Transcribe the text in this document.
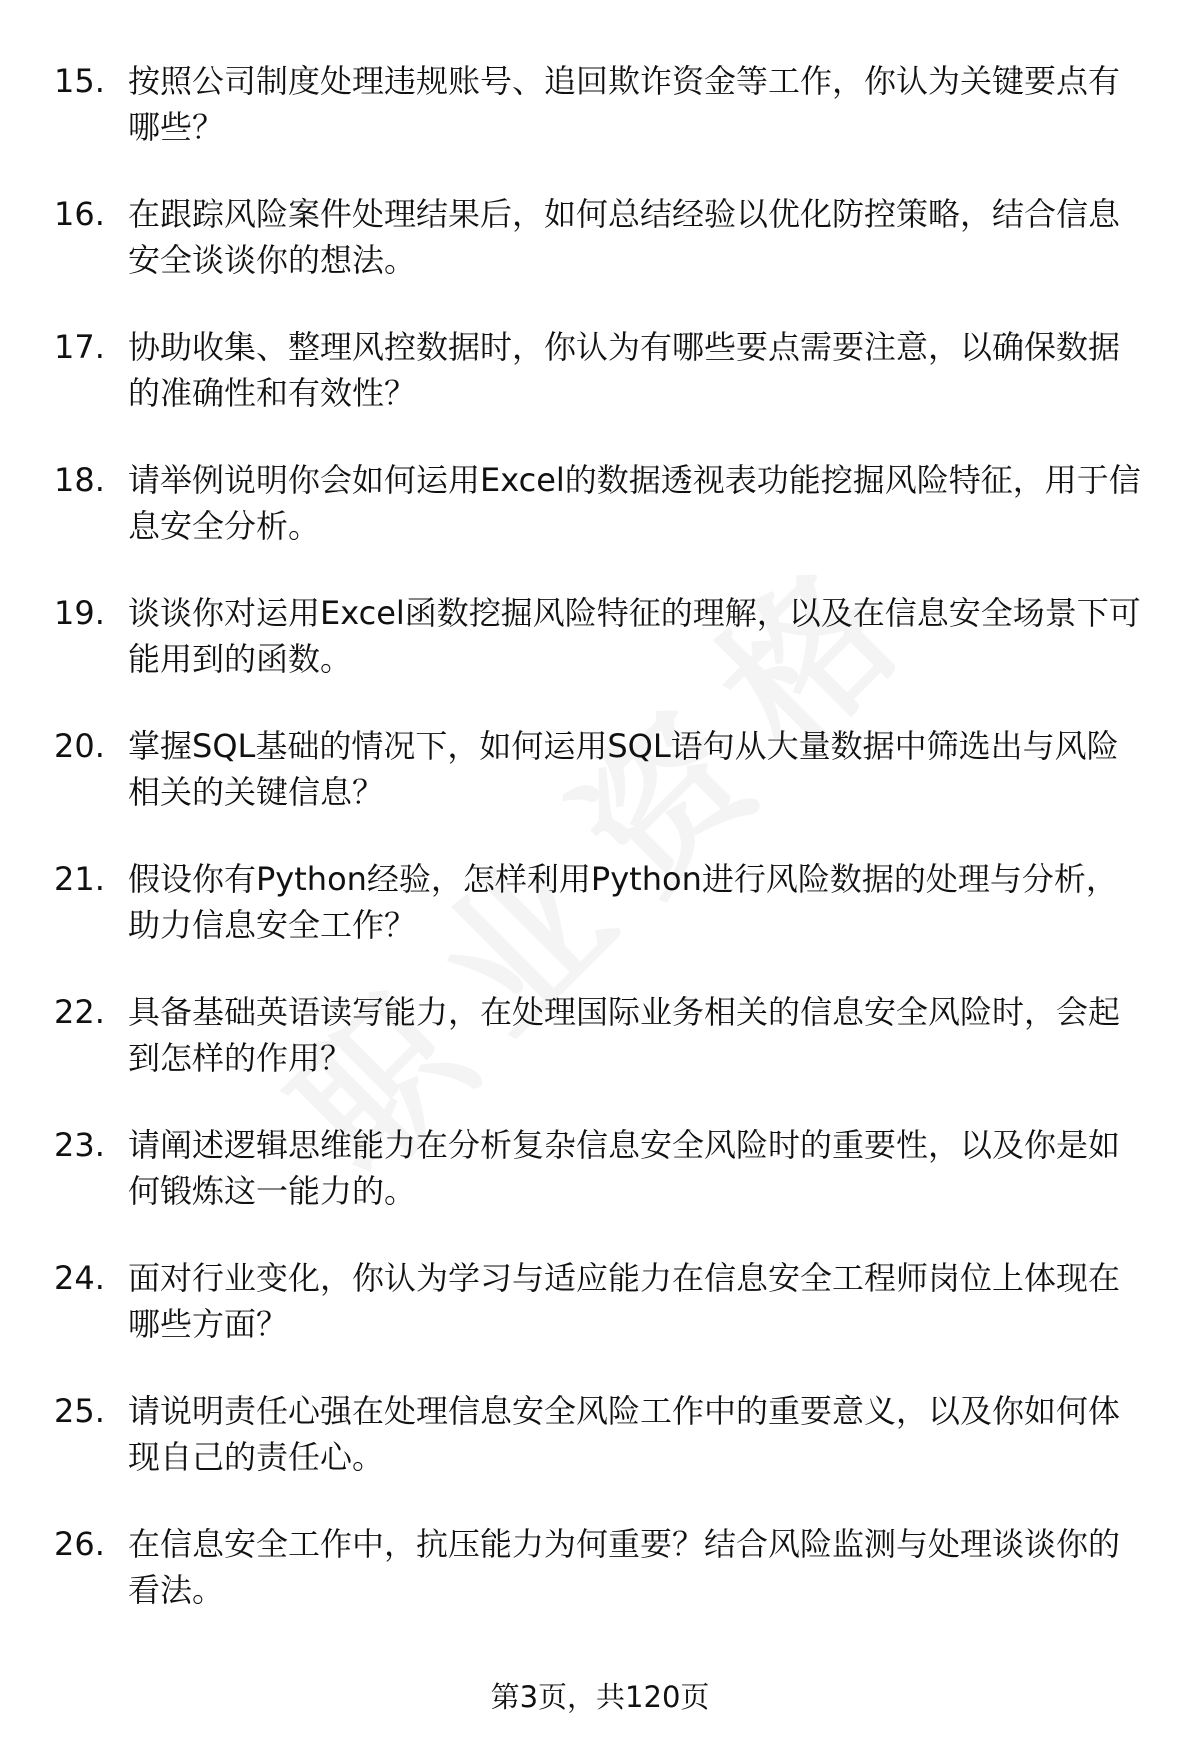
15. 按照公司制度处理违规账号、追回欺诈资金等工作，你认为关键要点有哪些？
16. 在跟踪风险案件处理结果后，如何总结经验以优化防控策略，结合信息安全谈谈你的想法。
17. 协助收集、整理风控数据时，你认为有哪些要点需要注意，以确保数据的准确性和有效性？
18. 请举例说明你会如何运用Excel的数据透视表功能挖掘风险特征，用于信息安全分析。
19. 谈谈你对运用Excel函数挖掘风险特征的理解，以及在信息安全场景下可能用到的函数。
20. 掌握SQL基础的情况下，如何运用SQL语句从大量数据中筛选出与风险相关的关键信息？
21. 假设你有Python经验，怎样利用Python进行风险数据的处理与分析，助力信息安全工作？
22. 具备基础英语读写能力，在处理国际业务相关的信息安全风险时，会起到怎样的作用？
23. 请阐述逻辑思维能力在分析复杂信息安全风险时的重要性，以及你是如何锻炼这一能力的。
24. 面对行业变化，你认为学习与适应能力在信息安全工程师岗位上体现在哪些方面？
25. 请说明责任心强在处理信息安全风险工作中的重要意义，以及你如何体现自己的责任心。
26. 在信息安全工作中，抗压能力为何重要？结合风险监测与处理谈谈你的看法。
第3页，共120页
